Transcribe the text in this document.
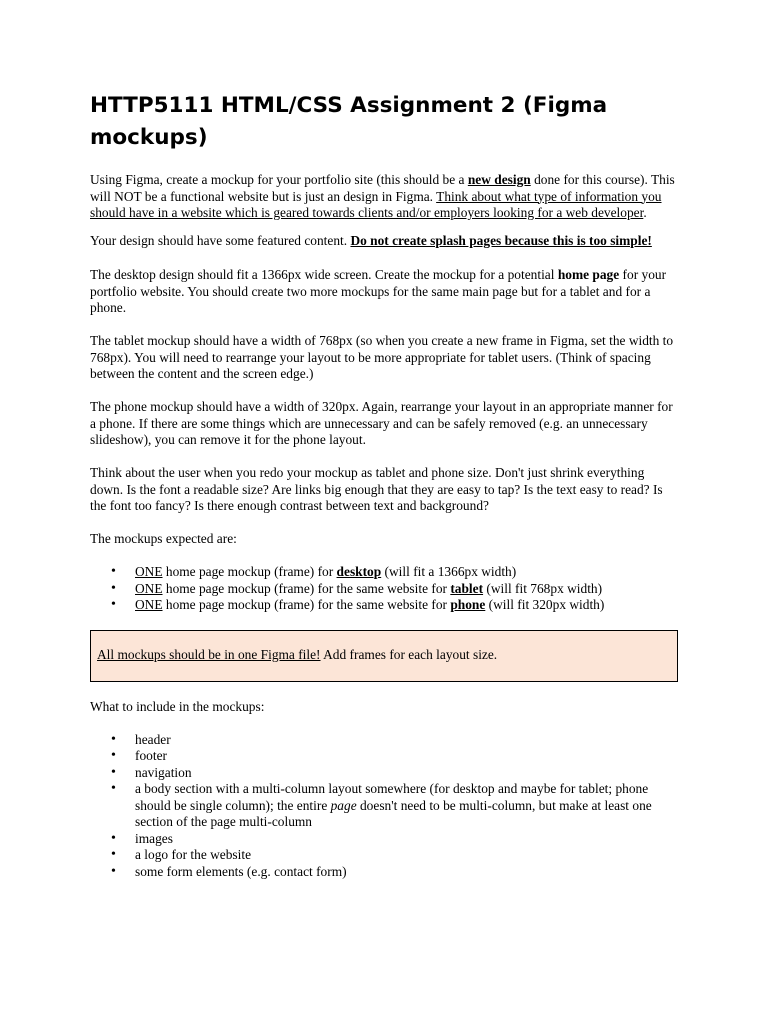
HTTP5111 HTML/CSS Assignment 2 (Figma mockups)

Using Figma, create a mockup for your portfolio site (this should be a new design done for this course). This will NOT be a functional website but is just an design in Figma. Think about what type of information you should have in a website which is geared towards clients and/or employers looking for a web developer.

Your design should have some featured content. Do not create splash pages because this is too simple!

The desktop design should fit a 1366px wide screen. Create the mockup for a potential home page for your portfolio website. You should create two more mockups for the same main page but for a tablet and for a phone.

The tablet mockup should have a width of 768px (so when you create a new frame in Figma, set the width to 768px). You will need to rearrange your layout to be more appropriate for tablet users. (Think of spacing between the content and the screen edge.)

The phone mockup should have a width of 320px. Again, rearrange your layout in an appropriate manner for a phone. If there are some things which are unnecessary and can be safely removed (e.g. an unnecessary slideshow), you can remove it for the phone layout.

Think about the user when you redo your mockup as tablet and phone size. Don't just shrink everything down. Is the font a readable size? Are links big enough that they are easy to tap? Is the text easy to read? Is the font too fancy? Is there enough contrast between text and background?

The mockups expected are:

• ONE home page mockup (frame) for desktop (will fit a 1366px width)
• ONE home page mockup (frame) for the same website for tablet (will fit 768px width)
• ONE home page mockup (frame) for the same website for phone (will fit 320px width)
All mockups should be in one Figma file! Add frames for each layout size.

What to include in the mockups:

• header
• footer
• navigation
• a body section with a multi-column layout somewhere (for desktop and maybe for tablet; phone should be single column); the entire page doesn't need to be multi-column, but make at least one section of the page multi-column
• images
• a logo for the website
• some form elements (e.g. contact form)
